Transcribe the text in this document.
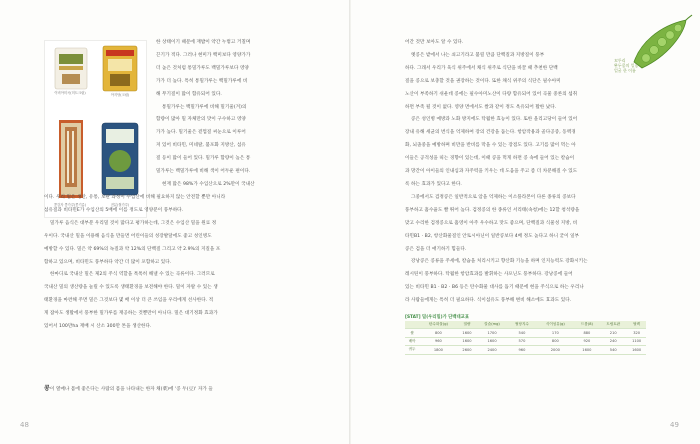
이비아미곡(미트크림)	아지당(크림)
콩감자 콩가루(콩기름)	전분(쌀가루)
한 상태이기 때문에 재밥이 약간 누렇고 거칠며
끈기가 적다. 그러나 현미가 백미보다 영양가가
더 높은 것처럼 통밀가루도 백밀가루보다 영양
가가 더 높다. 특히 통밀가루는 백밀가루에 비
해 무기질이 많이 함유되어 있다.
통밀가루는 백밀가루에 비해 밀기울(겨)의
함량이 많아 밀 자체만의 맛이 구수하고 영양
가가 높다. 밀기울은 겉껍질 씨눈으로 이루어
져 있어 비타민, 미네랄, 불포화 지방산, 섬유
질 등이 많이 들어 있다. 밀가루 함량이 높은 통
밀가루는 백밀가루에 비해 색이 어두운 편이다.
현재 많은 98%가 수입산으로 2%만이 국내산
이다. 우리 밀은 생산, 유통, 보관 과정이 수입산에 비해 필요하지 않는 안전할 뿐만 아니라
섬유질과 비타민E가 수입산의 5배에 이를 정도로 영양분이 풍부하다.
밀가루 음식은 대부분 우리밀 것이 많다고 평가하는데, 그것은 수입산 밀을 원료 정
우이다. 국내산 밀을 이용해 음식을 만들면 어린이들의 성장발달에도 좋고 성인병도
예방할 수 있다. 밀은 약 69%의 녹질과 약 12%의 단백질 그리고 약 2.9%의 지질을 포
함하고 있으며, 비타민도 풍부하다 약간 더 많이 포함하고 있다.
한마디로 국내산 밀은 제2의 주식 역할을 톡톡히 해낼 수 있는 곡류이다. 그러므로
국내산 밀의 생산량을 늘릴 수 있도록 생태환경을 보전해야 한다. 밀이 자랄 수 있는 생
태환경을 마련해 주면 밀은 그것보다 몇 배 이상 더 큰 쓰임을 우리에게 선사한다. 적
게 잡아도 생활에서 풍부한 밀가루를 재공하는 것뿐만이 아니다. 밀은 대기정화 효과가
있어서 100만ha 재배 시 산소 300만 톤을 생산한다.
콩이 열매나 몸에 좋은다는 사람의 몸을 나타내는 한자 채(菜)에 '콩 두(豆)' 자가 들
48	49
꼬투리
완두콩의 일종
얼굴 한 이름
어간 것만 보아도 알 수 있다.
옛콩은 밭에서 나는 쇠고기라고 불릴 만큼 단백질과 지방질이 풍부
하다. 그래서 우리가 육식 위주에서 채식 위주로 식단을 바꿀 때 추천한 단백
질을 콩으로 보충할 것을 권장하는 것이다. 또한 채식 위주의 식단은 필수아미
노산이 부족하기 쉬운데 콩에는 필수아미노산이 다량 함유되어 있어 곡물 중론의 섭취
하면 부족 될 것이 없다. 영양 면에서도 쌀과 같이 정도 옥유되어 활한 났다.
콩은 성인병 예방과 노화 방지에도 탁월한 효능이 있다. 또한 올리고당이 들어 있어
장내 유해 세균의 번식을 억제하여 장의 건강을 돕는다. 항암작용과 골다공증, 동맥경
화, 뇌졸중을 예방하며 비만을 반비를 막을 수 있는 장점도 있다. 고기를 많이 먹는 아
이들은 공격성을 띠는 경향이 있는데, 이때 콩을 먹게 하면 콩 속에 들어 있는 칼슘이
과 망간이 아이들의 인내심과 자주력을 키우는 데 도움을 주고 좀 더 차분해질 수 있도
록 하는 효과가 있다고 한다.
그중에서도 검정콩은 일반적으로 암을 억제하는 이소플라본이 다른 종류의 콩보다
풍부하고 흡수율도 빨 뛰어 높다. 검정콩의 한 종류인 서리태(속청)에는 12할 청석량을
맞고 수리한 검정콩으로 흡영이 아주 우수하고 맛도 좋으며, 단백질과 식물성 지방, 비
타민B1 · B2, 항산화물질인 안토시아닌이 일반콩보다 4배 정도 높다고 하니 굳이 일부
콩은 검을 더 애기하기 힘들다.
강낭콩은 콩류을 주세에, 칼슘을 처리시키고 향산화 기능을 하며 인지능력도 강화시키는
레시틴이 풍부하다. 탁월한 항암효과를 발휘하는 사포닌도 풍부하다. 강낭콩에 들어
있는 비타민 B1 · B2 · B6 등은 탄수화물 대사를 돕기 때문에 현을 주식으로 하는 우리나
라 사람들에게는 특히 더 필요하다. 식이섬유도 풍부해 변비 해소에도 효과도 있다.
[STAT] 밀(우리밀)가 단백대교표
	탄수화물(g)	열량	칼슘(mg)	혈당지수	식이섬유(g)	드롭(8)	트립토판	탈렉
쌀	800	1600	1700	540	170	880	210	320
배아	960	1600	1600	570	800	920	240	1100
귀두	1800	2600	2400	960	2000	1600	540	1600
